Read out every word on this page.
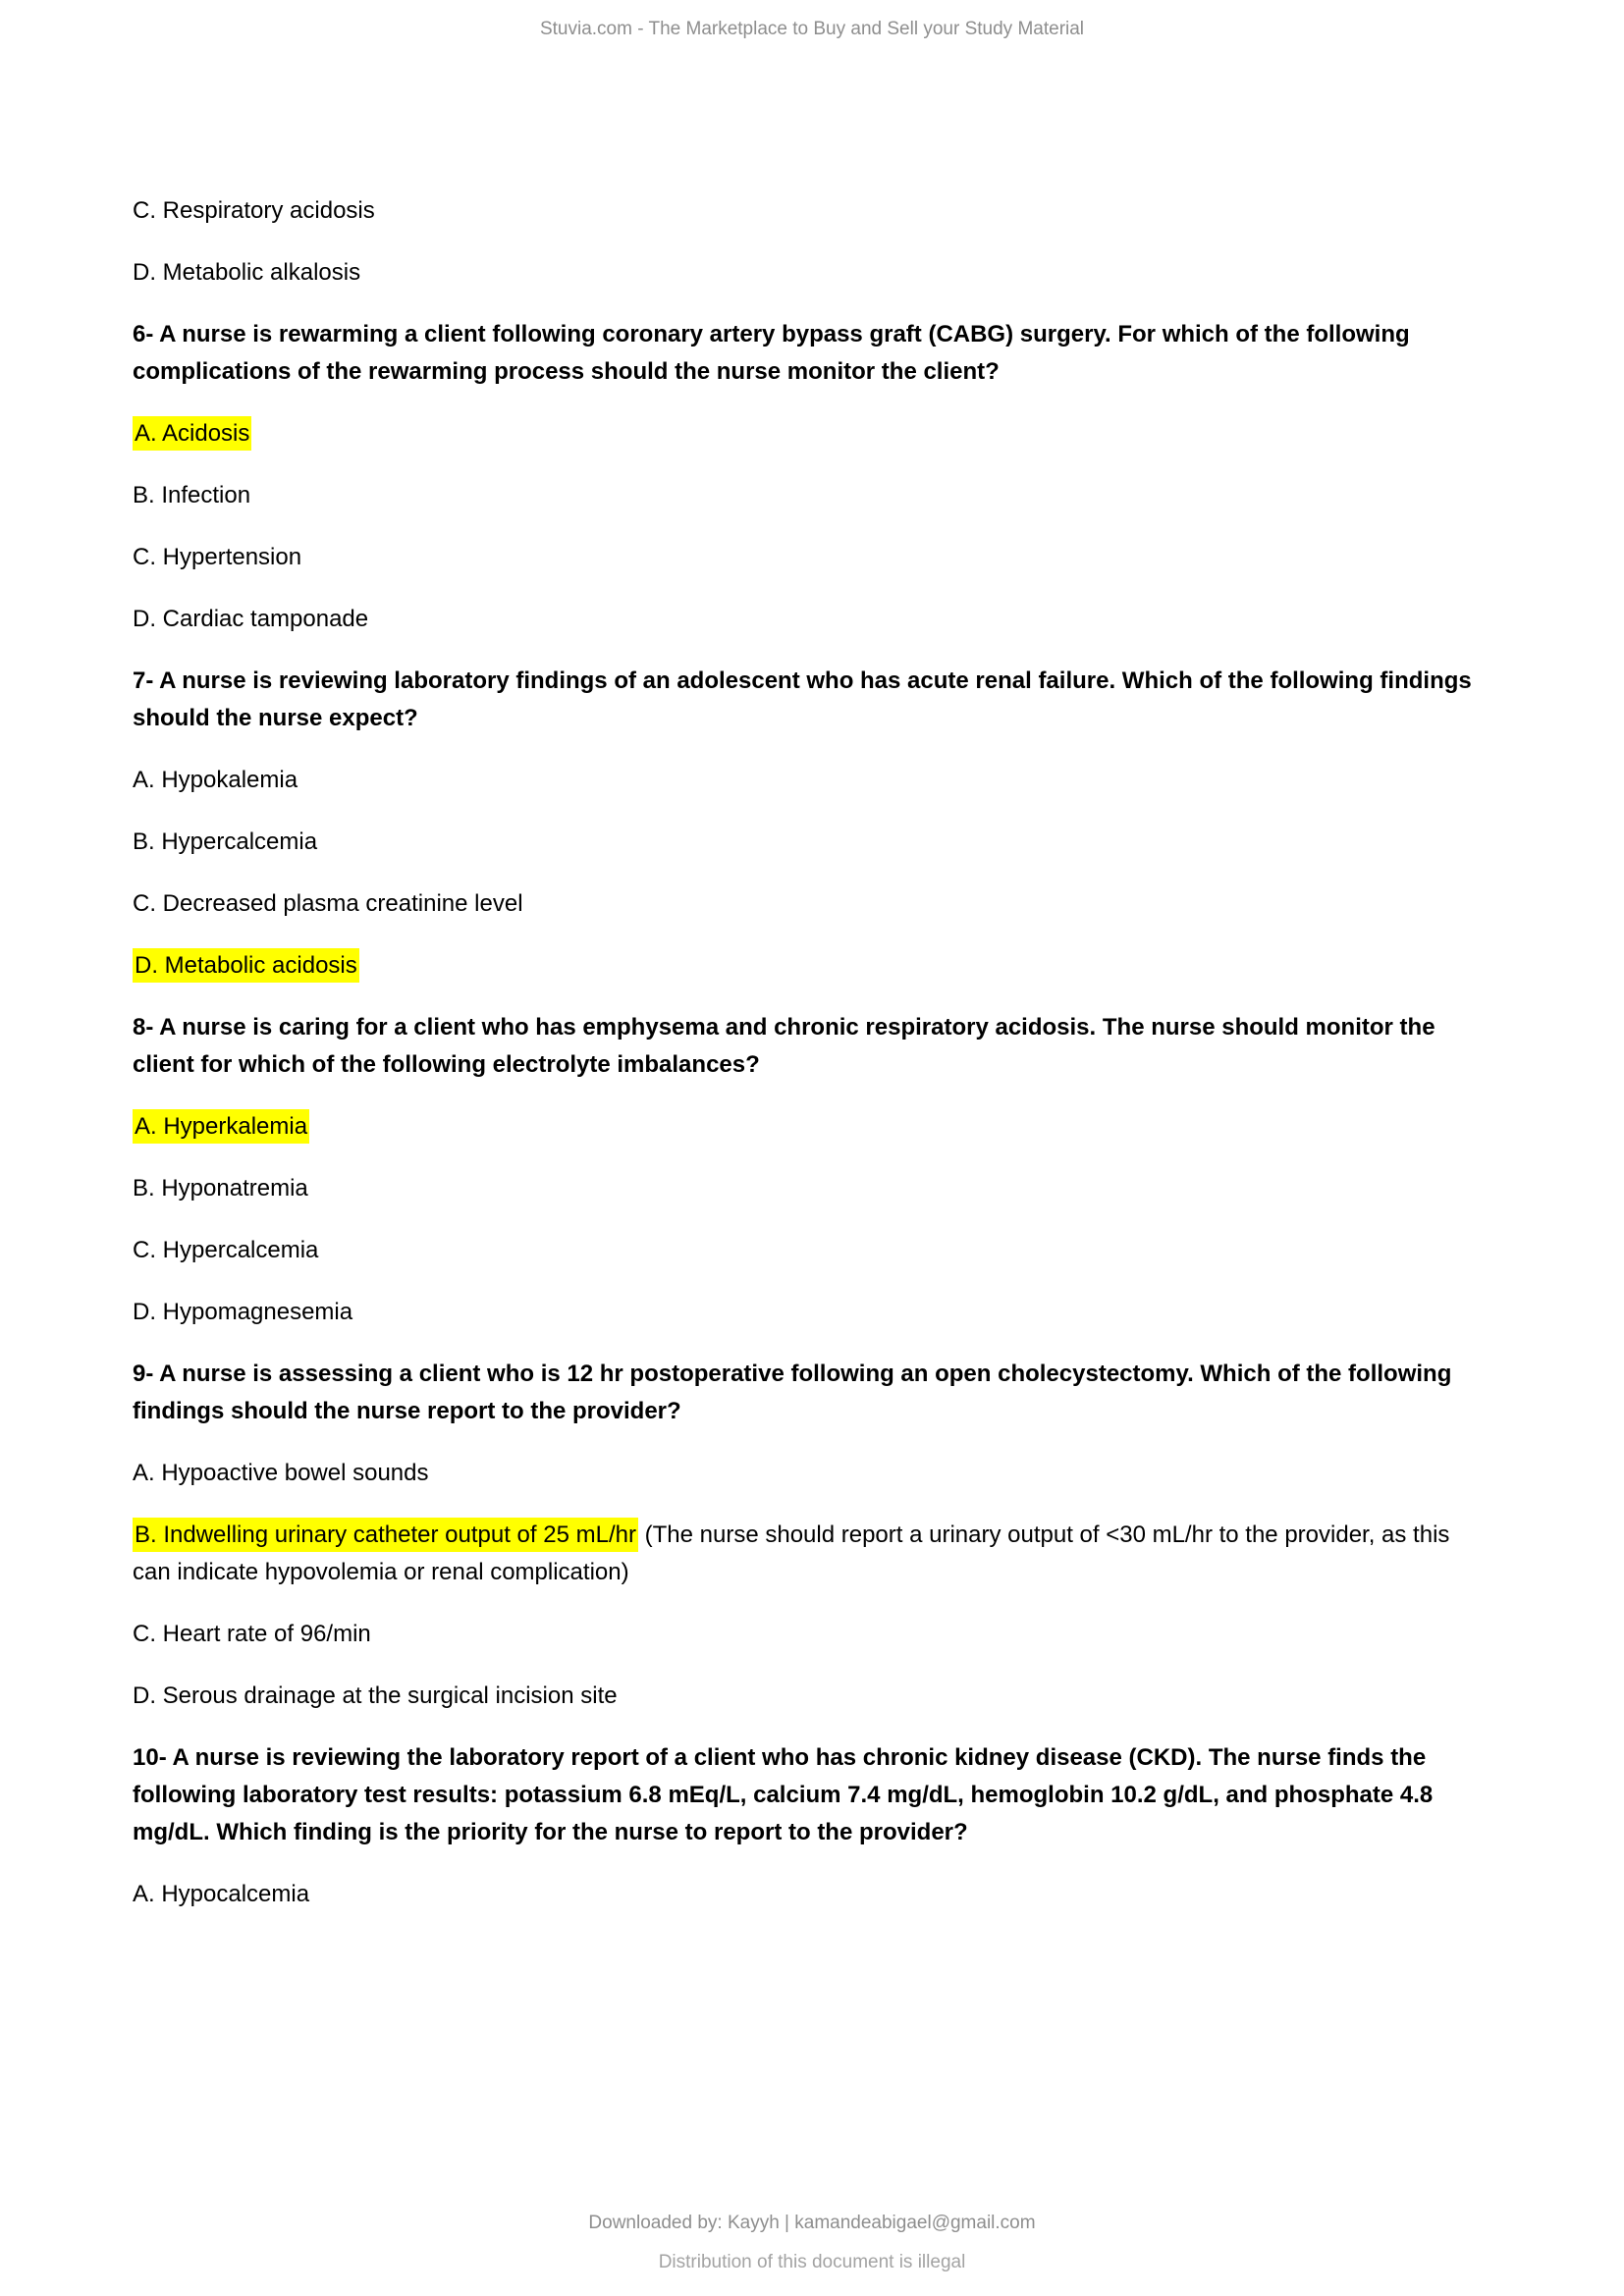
Stuvia.com - The Marketplace to Buy and Sell your Study Material

C. Respiratory acidosis

D. Metabolic alkalosis

6- A nurse is rewarming a client following coronary artery bypass graft (CABG) surgery. For which of the following complications of the rewarming process should the nurse monitor the client?

A. Acidosis

B. Infection

C. Hypertension

D. Cardiac tamponade

7- A nurse is reviewing laboratory findings of an adolescent who has acute renal failure. Which of the following findings should the nurse expect?

A. Hypokalemia

B. Hypercalcemia

C. Decreased plasma creatinine level

D. Metabolic acidosis

8- A nurse is caring for a client who has emphysema and chronic respiratory acidosis. The nurse should monitor the client for which of the following electrolyte imbalances?

A. Hyperkalemia

B. Hyponatremia

C. Hypercalcemia

D. Hypomagnesemia

9- A nurse is assessing a client who is 12 hr postoperative following an open cholecystectomy. Which of the following findings should the nurse report to the provider?

A. Hypoactive bowel sounds

B. Indwelling urinary catheter output of 25 mL/hr (The nurse should report a urinary output of <30 mL/hr to the provider, as this can indicate hypovolemia or renal complication)

C. Heart rate of 96/min

D. Serous drainage at the surgical incision site

10- A nurse is reviewing the laboratory report of a client who has chronic kidney disease (CKD). The nurse finds the following laboratory test results: potassium 6.8 mEq/L, calcium 7.4 mg/dL, hemoglobin 10.2 g/dL, and phosphate 4.8 mg/dL. Which finding is the priority for the nurse to report to the provider?

A. Hypocalcemia

Downloaded by: Kayyh | kamandeabigael@gmail.com
Distribution of this document is illegal
